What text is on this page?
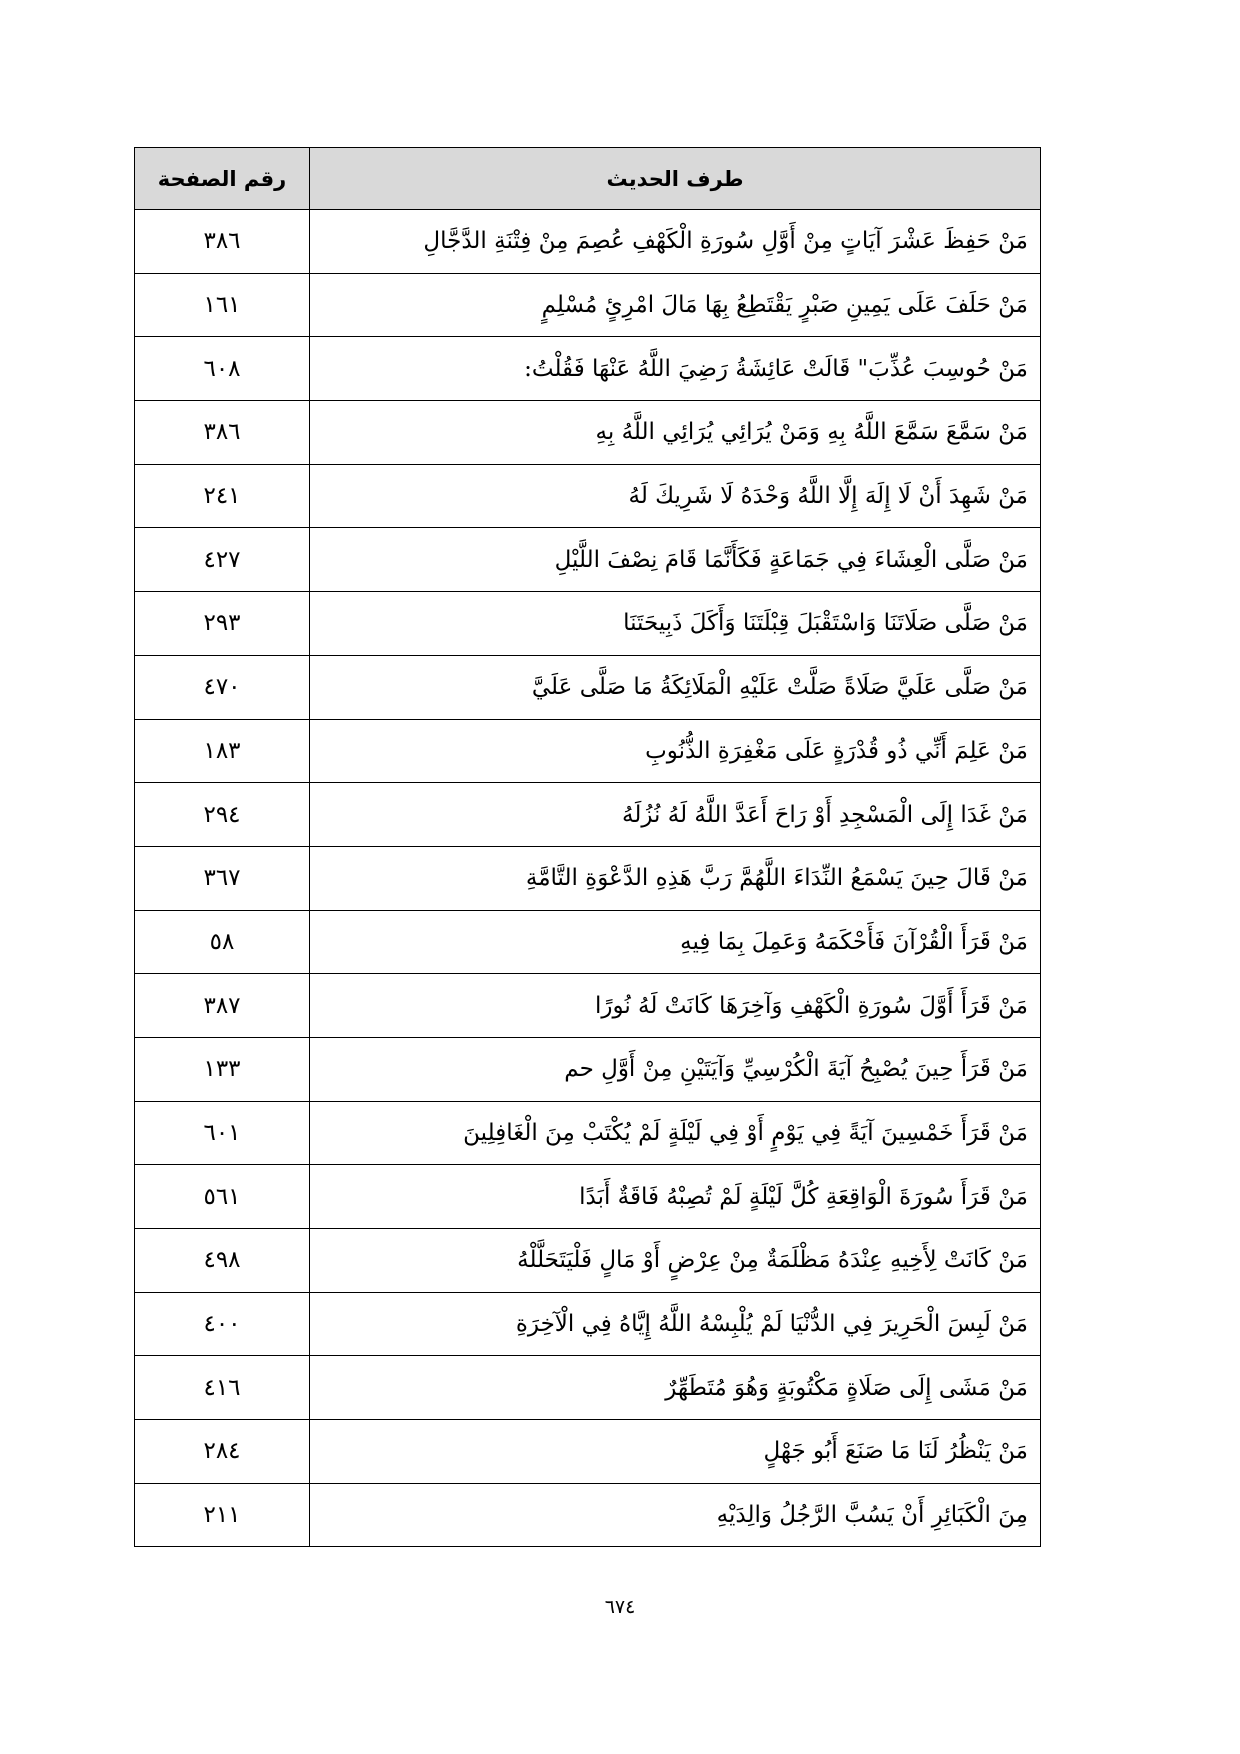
طرف الحديث	رقم الصفحة
مَنْ حَفِظَ عَشْرَ آيَاتٍ مِنْ أَوَّلِ سُورَةِ الْكَهْفِ عُصِمَ مِنْ فِتْنَةِ الدَّجَّالِ	٣٨٦
مَنْ حَلَفَ عَلَى يَمِينِ صَبْرٍ يَقْتَطِعُ بِهَا مَالَ امْرِئٍ مُسْلِمٍ	١٦١
مَنْ حُوسِبَ عُذِّبَ" قَالَتْ عَائِشَةُ رَضِيَ اللَّهُ عَنْهَا فَقُلْتُ:	٦٠٨
مَنْ سَمَّعَ سَمَّعَ اللَّهُ بِهِ وَمَنْ يُرَائِي يُرَائِي اللَّهُ بِهِ	٣٨٦
مَنْ شَهِدَ أَنْ لَا إِلَهَ إِلَّا اللَّهُ وَحْدَهُ لَا شَرِيكَ لَهُ	٢٤١
مَنْ صَلَّى الْعِشَاءَ فِي جَمَاعَةٍ فَكَأَنَّمَا قَامَ نِصْفَ اللَّيْلِ	٤٢٧
مَنْ صَلَّى صَلَاتَنَا وَاسْتَقْبَلَ قِبْلَتَنَا وَأَكَلَ ذَبِيحَتَنَا	٢٩٣
مَنْ صَلَّى عَلَيَّ صَلَاةً صَلَّتْ عَلَيْهِ الْمَلَائِكَةُ مَا صَلَّى عَلَيَّ	٤٧٠
مَنْ عَلِمَ أَنِّي ذُو قُدْرَةٍ عَلَى مَغْفِرَةِ الذُّنُوبِ	١٨٣
مَنْ غَدَا إِلَى الْمَسْجِدِ أَوْ رَاحَ أَعَدَّ اللَّهُ لَهُ نُزُلَهُ	٢٩٤
مَنْ قَالَ حِينَ يَسْمَعُ النِّدَاءَ اللَّهُمَّ رَبَّ هَذِهِ الدَّعْوَةِ التَّامَّةِ	٣٦٧
مَنْ قَرَأَ الْقُرْآنَ فَأَحْكَمَهُ وَعَمِلَ بِمَا فِيهِ	٥٨
مَنْ قَرَأَ أَوَّلَ سُورَةِ الْكَهْفِ وَآخِرَهَا كَانَتْ لَهُ نُورًا	٣٨٧
مَنْ قَرَأَ حِينَ يُصْبِحُ آيَةَ الْكُرْسِيِّ وَآيَتَيْنِ مِنْ أَوَّلِ حم	١٣٣
مَنْ قَرَأَ خَمْسِينَ آيَةً فِي يَوْمٍ أَوْ فِي لَيْلَةٍ لَمْ يُكْتَبْ مِنَ الْغَافِلِينَ	٦٠١
مَنْ قَرَأَ سُورَةَ الْوَاقِعَةِ كُلَّ لَيْلَةٍ لَمْ تُصِبْهُ فَاقَةٌ أَبَدًا	٥٦١
مَنْ كَانَتْ لِأَخِيهِ عِنْدَهُ مَظْلَمَةٌ مِنْ عِرْضٍ أَوْ مَالٍ فَلْيَتَحَلَّلْهُ	٤٩٨
مَنْ لَبِسَ الْحَرِيرَ فِي الدُّنْيَا لَمْ يُلْبِسْهُ اللَّهُ إِيَّاهُ فِي الْآخِرَةِ	٤٠٠
مَنْ مَشَى إِلَى صَلَاةٍ مَكْتُوبَةٍ وَهُوَ مُتَطَهِّرٌ	٤١٦
مَنْ يَنْظُرُ لَنَا مَا صَنَعَ أَبُو جَهْلٍ	٢٨٤
مِنَ الْكَبَائِرِ أَنْ يَسُبَّ الرَّجُلُ وَالِدَيْهِ	٢١١
٦٧٤
